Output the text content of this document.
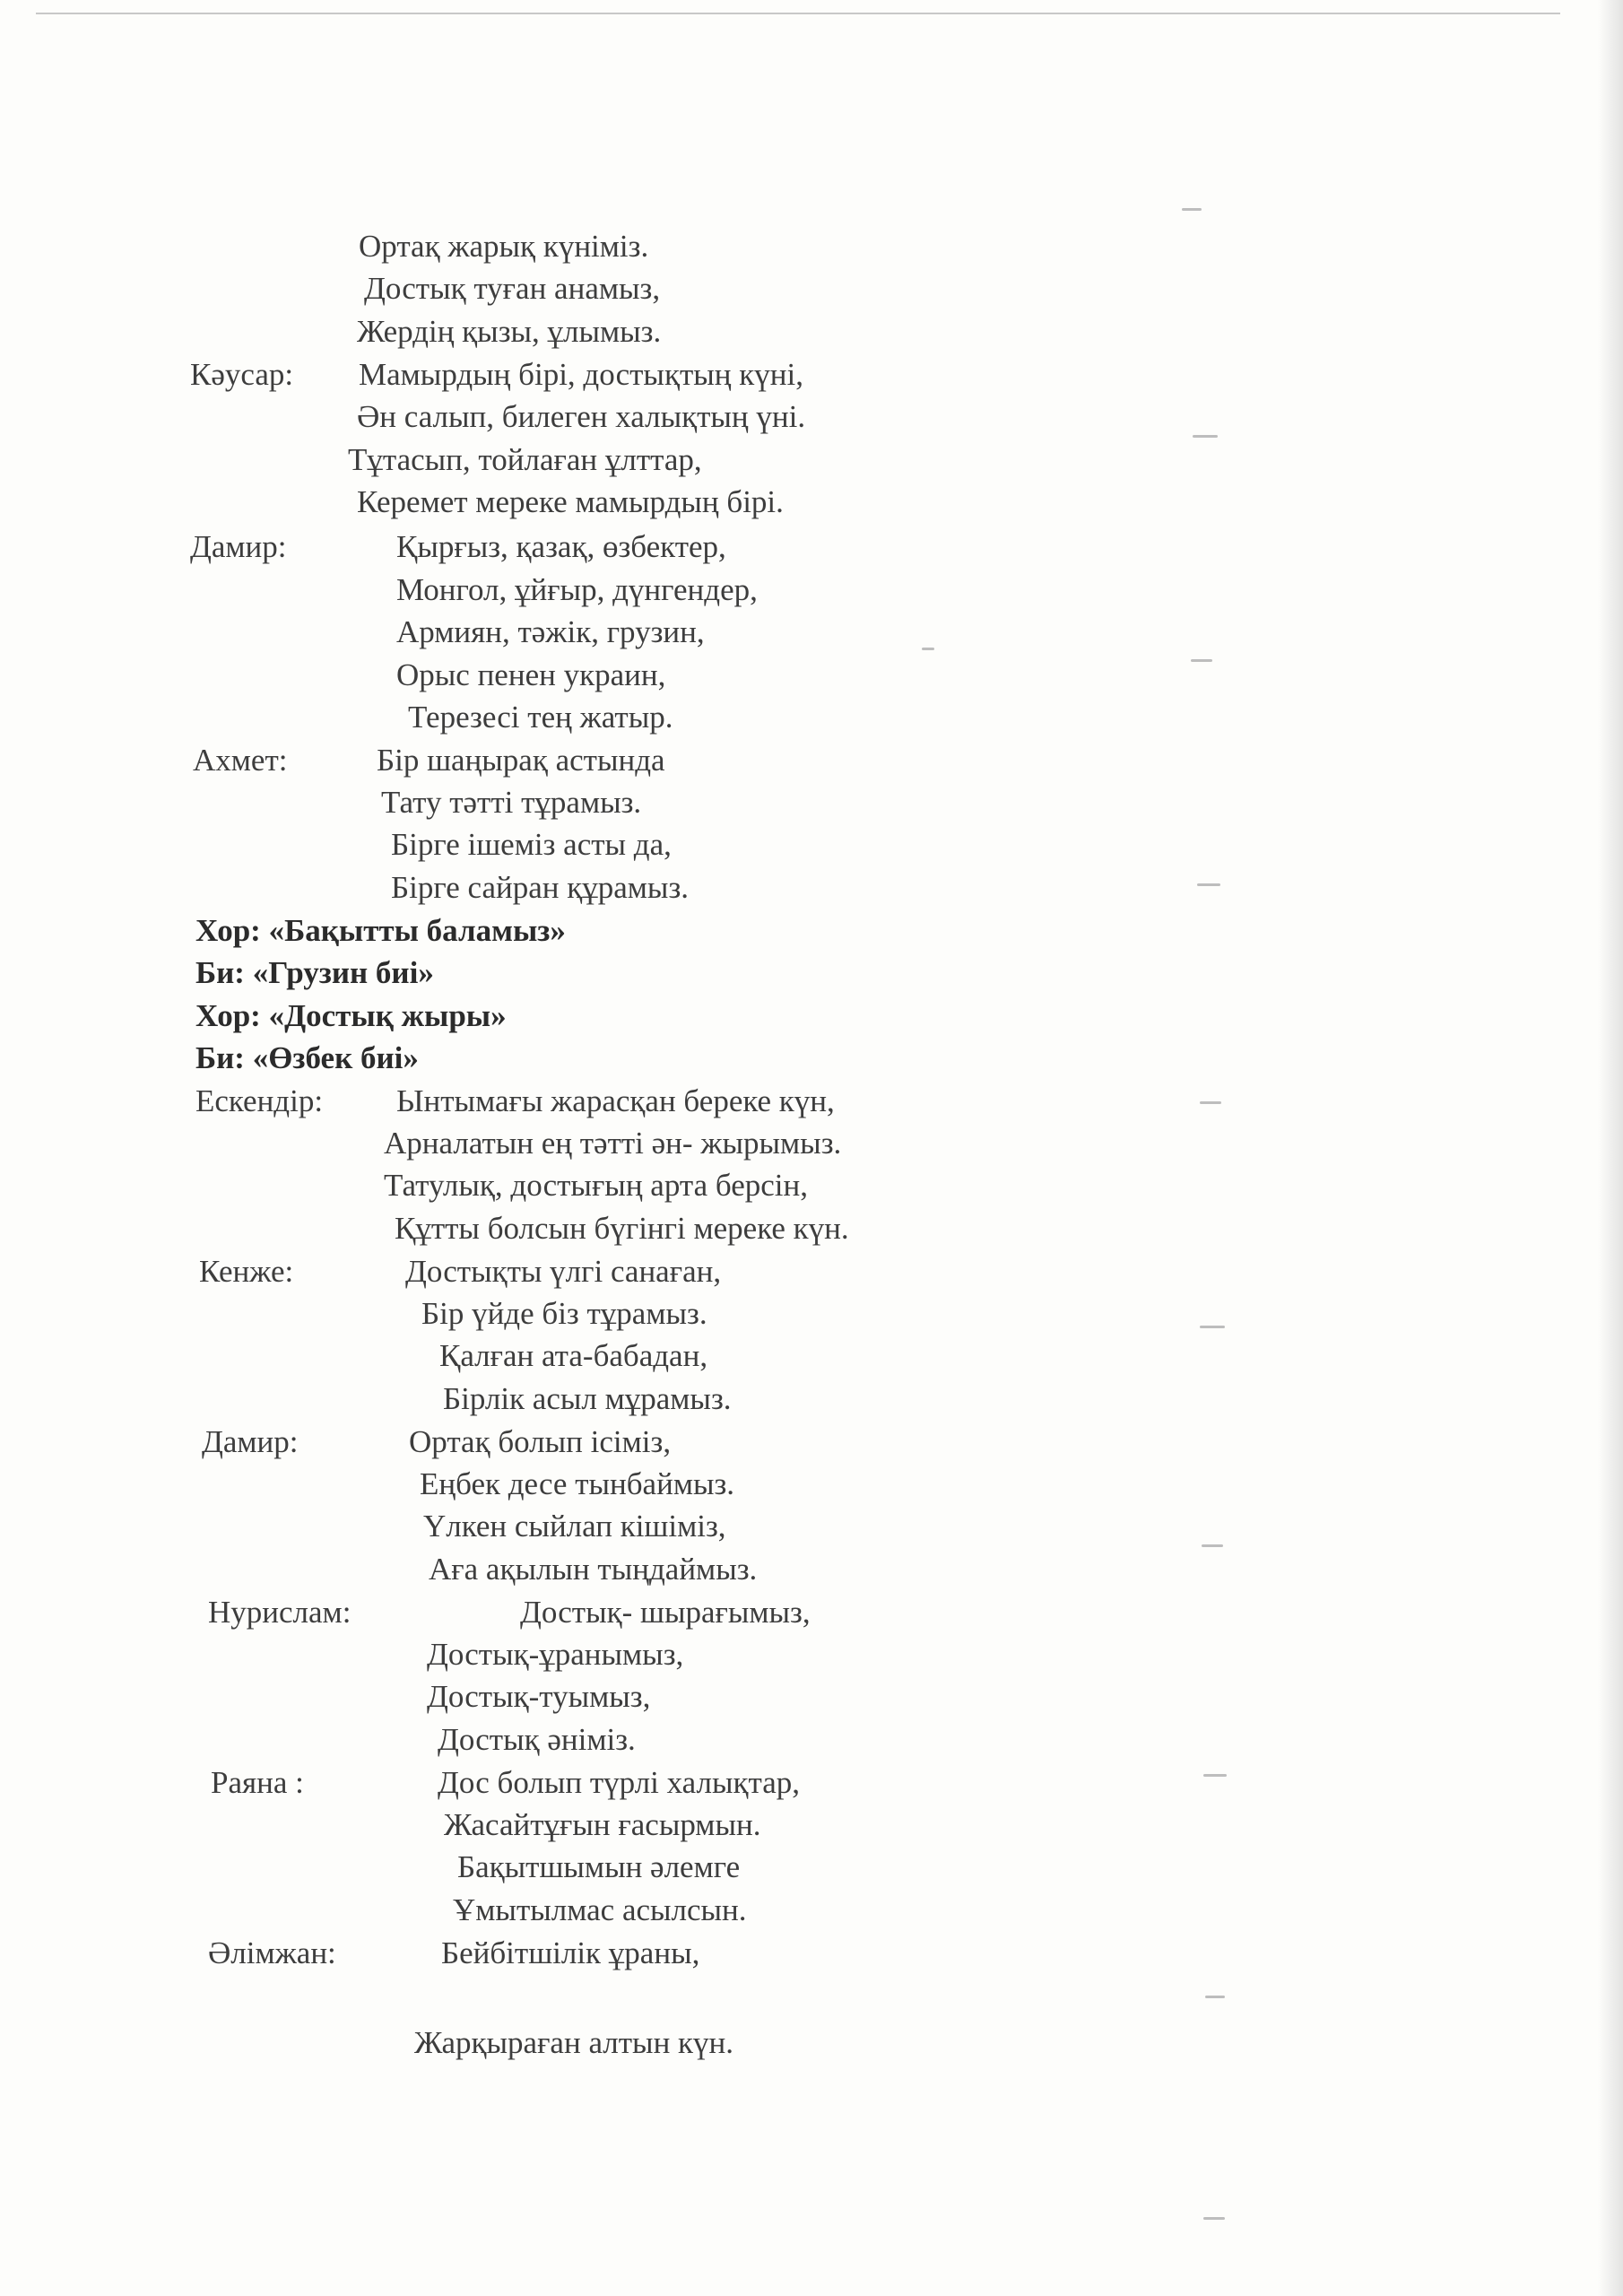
Ортақ жарық күніміз.
Достық туған анамыз,
Жердің қызы, ұлымыз.
Кәусар: Мамырдың бірі, достықтың күні,
Ән салып, билеген халықтың үні.
Тұтасып, тойлаған ұлттар,
Керемет мереке мамырдың бірі.
Дамир:	Қырғыз, қазақ, өзбектер,
Монгол, ұйғыр, дүнгендер,
Армиян, тәжік, грузин,
Орыс пенен украин,
Терезесі тең жатыр.
Ахмет:	Бір шаңырақ астында
Тату тәтті тұрамыз.
Бірге ішеміз асты да,
Бірге сайран құрамыз.
Хор: «Бақытты баламыз»
Би: «Грузин биі»
Хор: «Достық жыры»
Би: «Өзбек биі»
Ескендір: Ынтымағы жарасқан береке күн,
Арналатын ең тәтті ән- жырымыз.
Татулық, достығың арта берсін,
Құтты болсын бүгінгі мереке күн.
Кенже:	Достықты үлгі санаған,
Бір үйде біз тұрамыз.
Қалған ата-бабадан,
Бірлік асыл мұрамыз.
Дамир:	Ортақ болып ісіміз,
Еңбек десе тынбаймыз.
Үлкен сыйлап кішіміз,
Аға ақылын тыңдаймыз.
Нурислам:	Достық- шырағымыз,
Достық-ұранымыз,
Достық-туымыз,
Достық әніміз.
Раяна :	Дос болып түрлі халықтар,
Жасайтұғын ғасырмын.
Бақытшымын әлемге
Ұмытылмас асылсын.
Әлімжан:	Бейбітшілік ұраны,
Жарқыраған алтын күн.
